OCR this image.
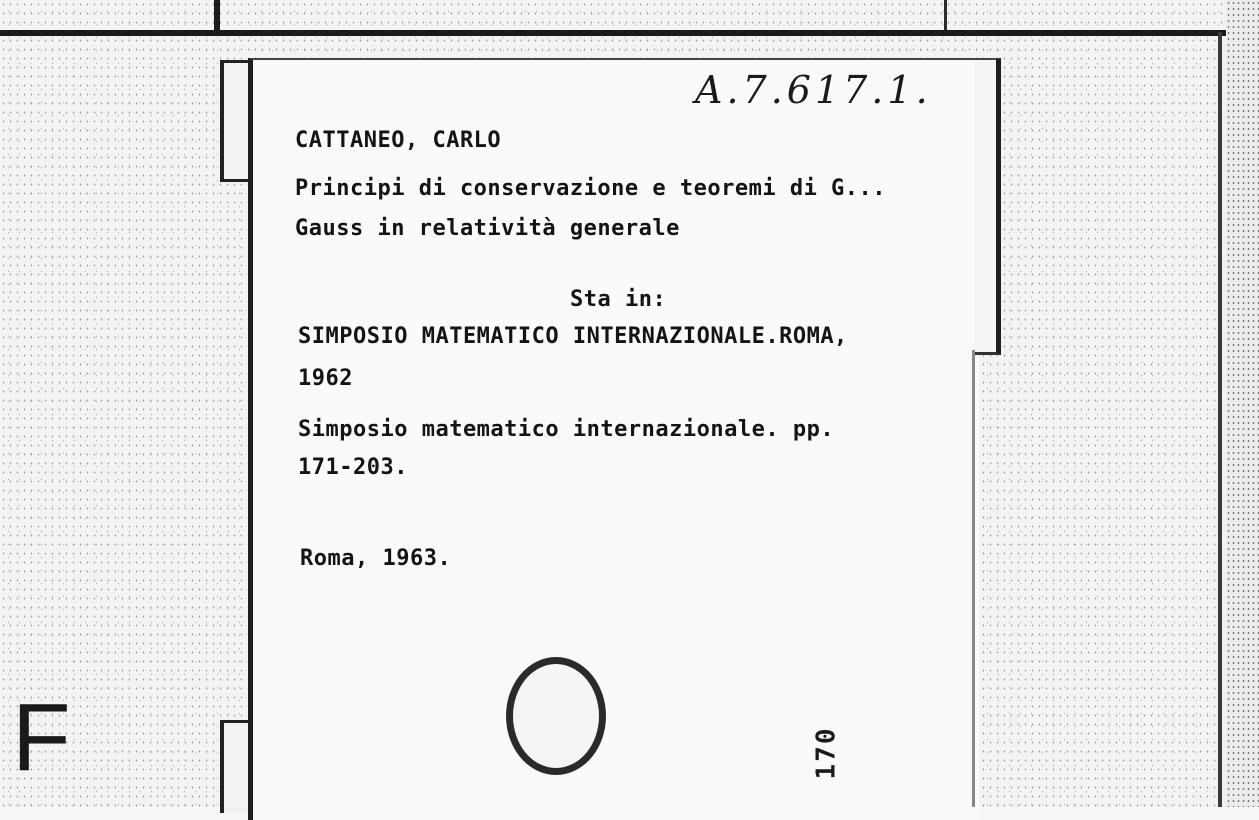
A.7.617.1.

CATTANEO, CARLO

Principi di conservazione e teoremi di G...

Gauss in relatività generale

Sta in:

SIMPOSIO MATEMATICO INTERNAZIONALE.ROMA,

1962

Simposio matematico internazionale. pp.

171-203.

Roma, 1963.

170
F
